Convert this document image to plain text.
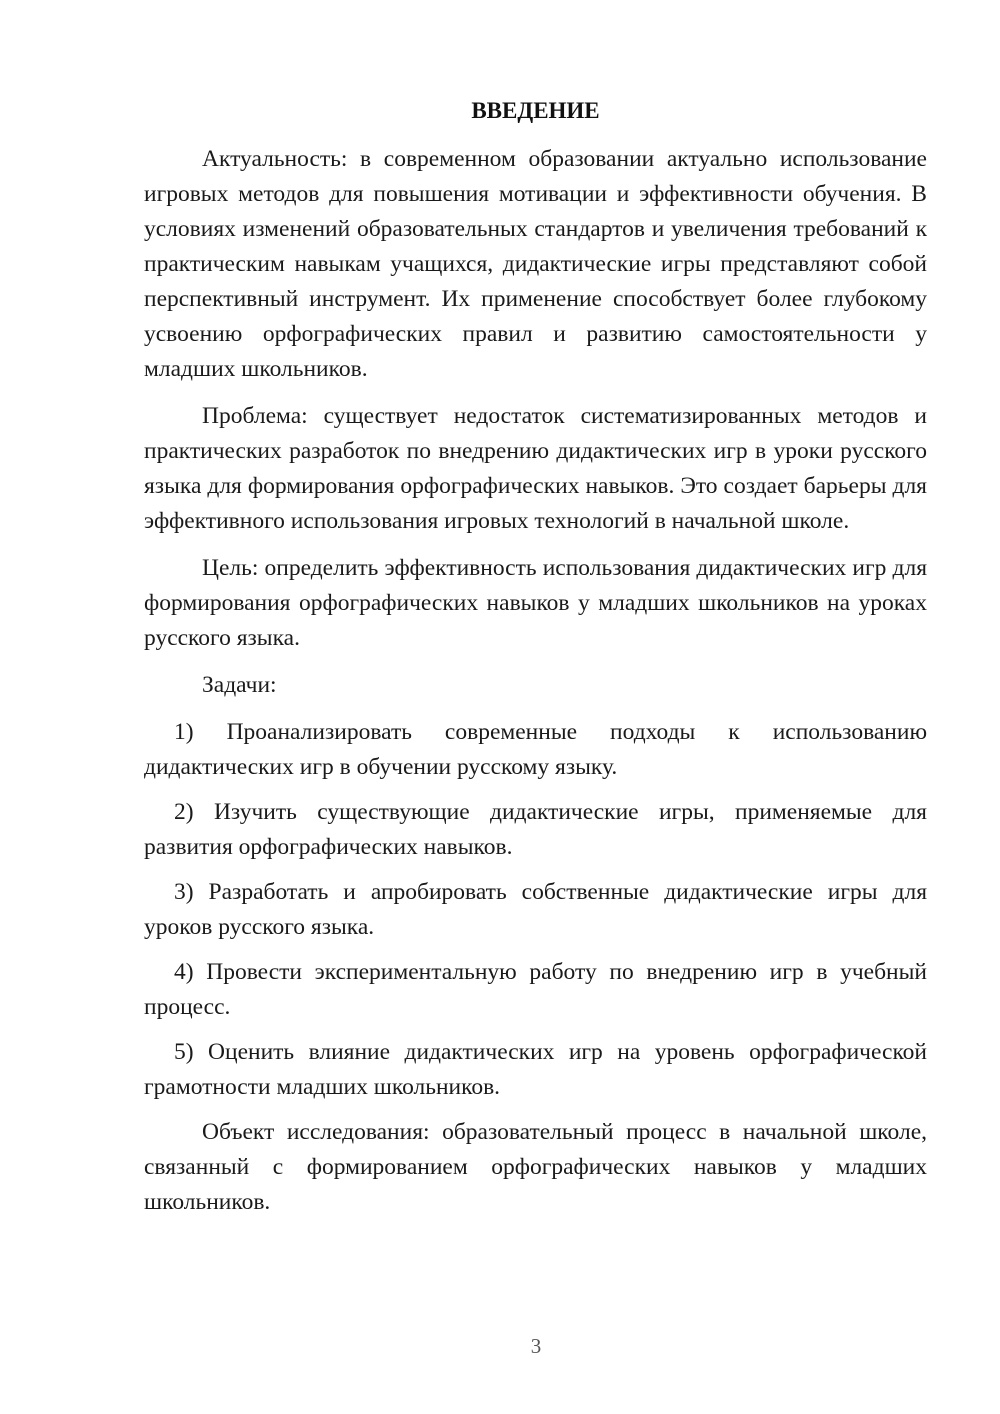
ВВЕДЕНИЕ

Актуальность: в современном образовании актуально использование игровых методов для повышения мотивации и эффективности обучения. В условиях изменений образовательных стандартов и увеличения требований к практическим навыкам учащихся, дидактические игры представляют собой перспективный инструмент. Их применение способствует более глубокому усвоению орфографических правил и развитию самостоятельности у младших школьников.

Проблема: существует недостаток систематизированных методов и практических разработок по внедрению дидактических игр в уроки русского языка для формирования орфографических навыков. Это создает барьеры для эффективного использования игровых технологий в начальной школе.

Цель: определить эффективность использования дидактических игр для формирования орфографических навыков у младших школьников на уроках русского языка.

Задачи:

1) Проанализировать современные подходы к использованию дидактических игр в обучении русскому языку.

2) Изучить существующие дидактические игры, применяемые для развития орфографических навыков.

3) Разработать и апробировать собственные дидактические игры для уроков русского языка.

4) Провести экспериментальную работу по внедрению игр в учебный процесс.

5) Оценить влияние дидактических игр на уровень орфографической грамотности младших школьников.

Объект исследования: образовательный процесс в начальной школе, связанный с формированием орфографических навыков у младших школьников.

3
